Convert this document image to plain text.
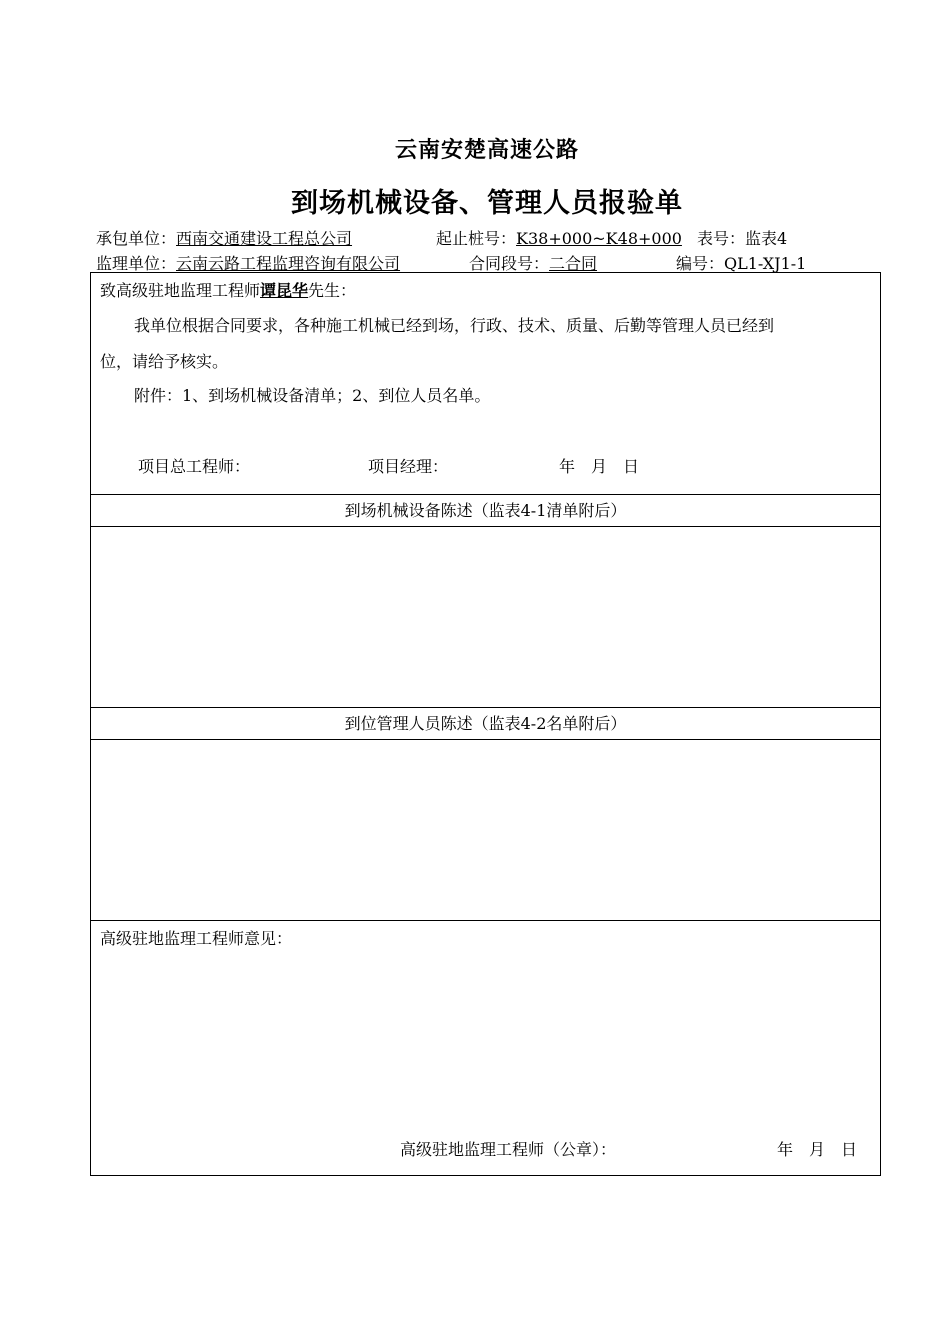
云南安楚高速公路
到场机械设备、管理人员报验单
承包单位：西南交通建设工程总公司	起止桩号：K38+000~K48+000 表号：监表4
监理单位：云南云路工程监理咨询有限公司	合同段号：二合同	编号：QL1-XJ1-1
致高级驻地监理工程师谭昆华先生：
我单位根据合同要求，各种施工机械已经到场，行政、技术、质量、后勤等管理人员已经到
位，请给予核实。
附件：1、到场机械设备清单；2、到位人员名单。
项目总工程师：	项目经理：	年　月　日
到场机械设备陈述（监表4-1清单附后）
到位管理人员陈述（监表4-2名单附后）
高级驻地监理工程师意见：
高级驻地监理工程师（公章）：	年　月　日
